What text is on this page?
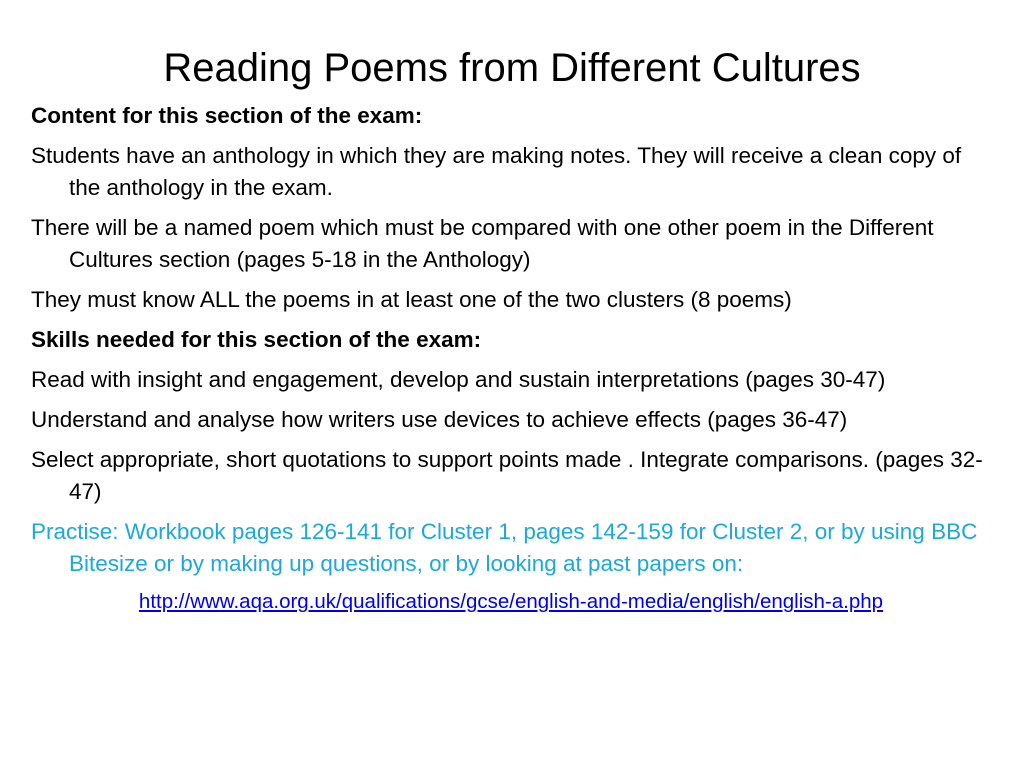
Reading Poems from Different Cultures

Content for this section of the exam:

Students have an anthology in which they are making notes. They will receive a clean copy of the anthology in the exam.

There will be a named poem which must be compared with one other poem in the Different Cultures section (pages 5-18 in the Anthology)

They must know ALL the poems in at least one of the two clusters (8 poems)

Skills needed for this section of the exam:

Read with insight and engagement, develop and sustain interpretations (pages 30-47)

Understand and analyse how writers use devices to achieve effects (pages 36-47)

Select appropriate, short quotations to support points made . Integrate comparisons. (pages 32-47)

Practise: Workbook pages 126-141 for Cluster 1, pages 142-159 for Cluster 2, or by using BBC Bitesize or by making up questions, or by looking at past papers on:

http://www.aqa.org.uk/qualifications/gcse/english-and-media/english/english-a.php
